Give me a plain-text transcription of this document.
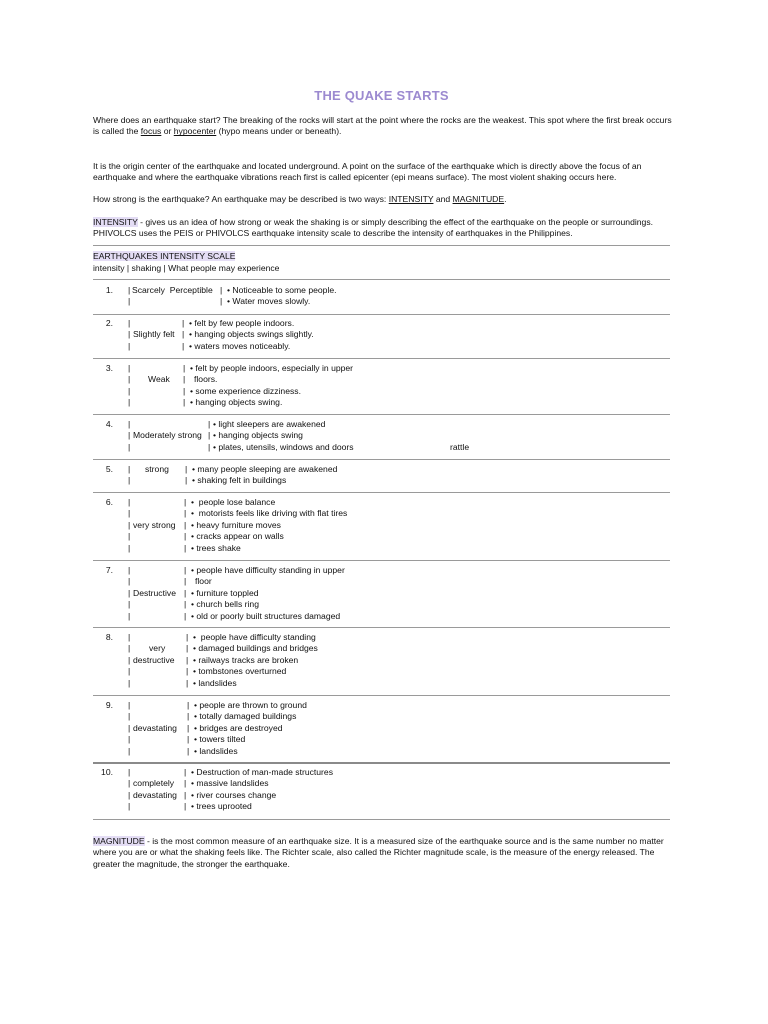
THE QUAKE STARTS
Where does an earthquake start? The breaking of the rocks will start at the point where the rocks are the weakest. This spot where the first break occurs is called the focus or hypocenter (hypo means under or beneath).
It is the origin center of the earthquake and located underground. A point on the surface of the earthquake which is directly above the focus of an earthquake and where the earthquake vibrations reach first is called epicenter (epi means surface). The most violent shaking occurs here.
How strong is the earthquake? An earthquake may be described is two ways: INTENSITY and MAGNITUDE.
INTENSITY - gives us an idea of how strong or weak the shaking is or simply describing the effect of the earthquake on the people or surroundings. PHIVOLCS uses the PEIS or PHIVOLCS earthquake intensity scale to describe the intensity of earthquakes in the Philippines.
EARTHQUAKES INTENSITY SCALE
intensity | shaking | What people may experience
1. | Scarcely  Perceptible | • Noticeable to some people.
|	| • Water moves slowly.
2. |	| • felt by few people indoors.
| Slightly felt | • hanging objects swings slightly.
|	| • waters moves noticeably.
3. |	| • felt by people indoors, especially in upper
| Weak | floors.
|	| • some experience dizziness.
|	| • hanging objects swing.
4. |	| • light sleepers are awakened
| Moderately strong | • hanging objects swing
|	| • plates, utensils, windows and doors	rattle
5. | strong | • many people sleeping are awakened
|	| • shaking felt in buildings
6. |	| •  people lose balance
|	| •  motorists feels like driving with flat tires
| very strong | • heavy furniture moves
|	| • cracks appear on walls
|	| • trees shake
7. |	| • people have difficulty standing in upper
|	| floor
| Destructive | • furniture toppled
|	| • church bells ring
|	| • old or poorly built structures damaged
8. |	| •  people have difficulty standing
| very | • damaged buildings and bridges
| destructive | • railways tracks are broken
|	| • tombstones overturned
|	| • landslides
9. |	| • people are thrown to ground
|	| • totally damaged buildings
| devastating | • bridges are destroyed
|	| • towers tilted
|	| • landslides
10. |	| • Destruction of man-made structures
| completely | • massive landslides
| devastating | • river courses change
|	| • trees uprooted
MAGNITUDE - is the most common measure of an earthquake size. It is a measured size of the earthquake source and is the same number no matter where you are or what the shaking feels like. The Richter scale, also called the Richter magnitude scale, is the measure of the energy released. The greater the magnitude, the stronger the earthquake.
